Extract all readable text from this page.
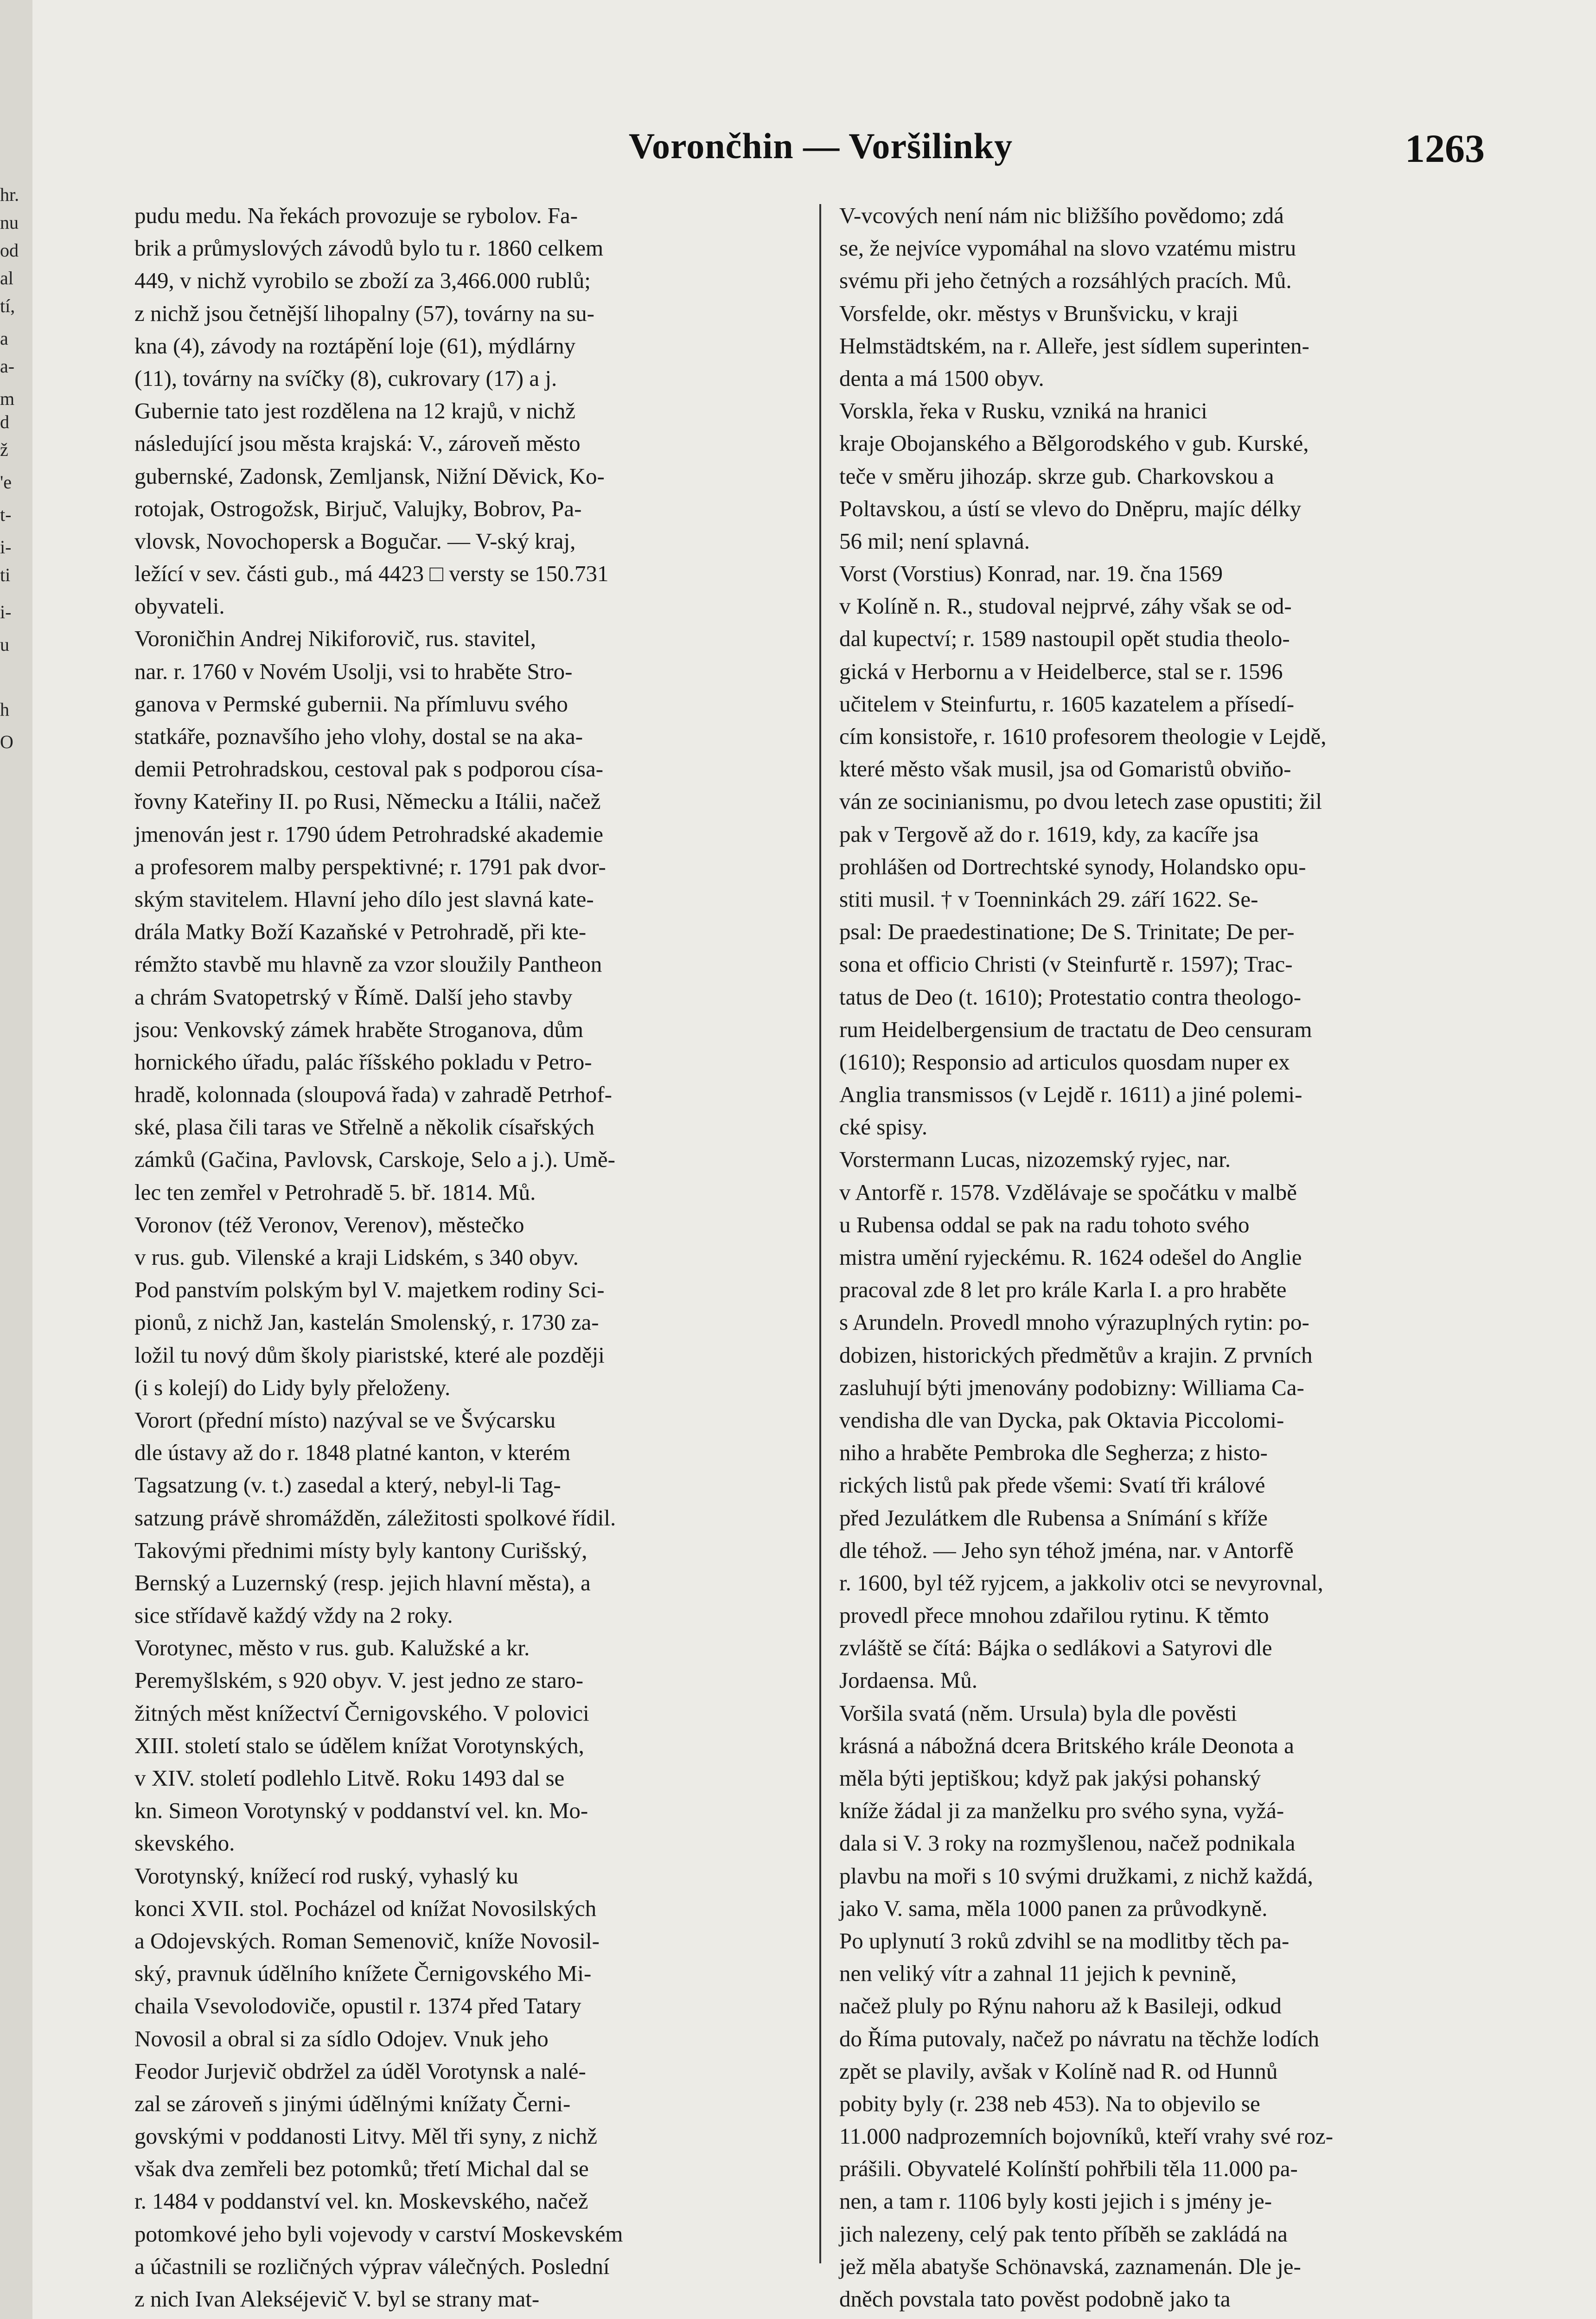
hr.
nu
od
al
tí,
a
a-
m
d
ž
'e
t-
i-
ti
i-
u
h
O
Vorončhin — Voršilinky	1263
pudu medu. Na řekách provozuje se rybolov. Fa-
brik a průmyslových závodů bylo tu r. 1860 celkem
449, v nichž vyrobilo se zboží za 3,466.000 rublů;
z nichž jsou četnější lihopalny (57), továrny na su-
kna (4), závody na roztápění loje (61), mýdlárny
(11), továrny na svíčky (8), cukrovary (17) a j.
Gubernie tato jest rozdělena na 12 krajů, v nichž
následující jsou města krajská: V., zároveň město
gubernské, Zadonsk, Zemljansk, Nižní Děvick, Ko-
rotojak, Ostrogožsk, Birjuč, Valujky, Bobrov, Pa-
vlovsk, Novochopersk a Bogučar. — V-ský kraj,
ležící v sev. části gub., má 4423 □ versty se 150.731
obyvateli.
Voroničhin Andrej Nikiforovič, rus. stavitel,
nar. r. 1760 v Novém Usolji, vsi to hraběte Stro-
ganova v Permské gubernii. Na přímluvu svého
statkáře, poznavšího jeho vlohy, dostal se na aka-
demii Petrohradskou, cestoval pak s podporou císa-
řovny Kateřiny II. po Rusi, Německu a Itálii, načež
jmenován jest r. 1790 údem Petrohradské akademie
a profesorem malby perspektivné; r. 1791 pak dvor-
ským stavitelem. Hlavní jeho dílo jest slavná kate-
drála Matky Boží Kazaňské v Petrohradě, při kte-
rémžto stavbě mu hlavně za vzor sloužily Pantheon
a chrám Svatopetrský v Římě. Další jeho stavby
jsou: Venkovský zámek hraběte Stroganova, dům
hornického úřadu, palác říšského pokladu v Petro-
hradě, kolonnada (sloupová řada) v zahradě Petrhof-
ské, plasa čili taras ve Střelně a několik císařských
zámků (Gačina, Pavlovsk, Carskoje, Selo a j.). Umě-
lec ten zemřel v Petrohradě 5. bř. 1814. Mů.
Voronov (též Veronov, Verenov), městečko
v rus. gub. Vilenské a kraji Lidském, s 340 obyv.
Pod panstvím polským byl V. majetkem rodiny Sci-
pionů, z nichž Jan, kastelán Smolenský, r. 1730 za-
ložil tu nový dům školy piaristské, které ale později
(i s kolejí) do Lidy byly přeloženy.
Vorort (přední místo) nazýval se ve Švýcarsku
dle ústavy až do r. 1848 platné kanton, v kterém
Tagsatzung (v. t.) zasedal a který, nebyl-li Tag-
satzung právě shromážděn, záležitosti spolkové řídil.
Takovými přednimi místy byly kantony Curišský,
Bernský a Luzernský (resp. jejich hlavní města), a
sice střídavě každý vždy na 2 roky.
Vorotynec, město v rus. gub. Kalužské a kr.
Peremyšlském, s 920 obyv. V. jest jedno ze staro-
žitných měst knížectví Černigovského. V polovici
XIII. století stalo se údělem knížat Vorotynských,
v XIV. století podlehlo Litvě. Roku 1493 dal se
kn. Simeon Vorotynský v poddanství vel. kn. Mo-
skevského.
Vorotynský, knížecí rod ruský, vyhaslý ku
konci XVII. stol. Pocházel od knížat Novosilských
a Odojevských. Roman Semenovič, kníže Novosil-
ský, pravnuk údělního knížete Černigovského Mi-
chaila Vsevolodoviče, opustil r. 1374 před Tatary
Novosil a obral si za sídlo Odojev. Vnuk jeho
Feodor Jurjevič obdržel za úděl Vorotynsk a nalé-
zal se zároveň s jinými údělnými knížaty Černi-
govskými v poddanosti Litvy. Měl tři syny, z nichž
však dva zemřeli bez potomků; třetí Michal dal se
r. 1484 v poddanství vel. kn. Moskevského, načež
potomkové jeho byli vojevody v carství Moskevském
a účastnili se rozličných výprav válečných. Poslední
z nich Ivan Alekséjevič V. byl se strany mat-
V-vcových není nám nic bližšího povědomo; zdá
se, že nejvíce vypomáhal na slovo vzatému mistru
svému při jeho četných a rozsáhlých pracích. Mů.
Vorsfelde, okr. městys v Brunšvicku, v kraji
Helmstädtském, na r. Alleře, jest sídlem superinten-
denta a má 1500 obyv.
Vorskla, řeka v Rusku, vzniká na hranici
kraje Obojanského a Bělgorodského v gub. Kurské,
teče v směru jihozáp. skrze gub. Charkovskou a
Poltavskou, a ústí se vlevo do Dněpru, majíc délky
56 mil; není splavná.
Vorst (Vorstius) Konrad, nar. 19. čna 1569
v Kolíně n. R., studoval nejprvé, záhy však se od-
dal kupectví; r. 1589 nastoupil opět studia theolo-
gická v Herbornu a v Heidelberce, stal se r. 1596
učitelem v Steinfurtu, r. 1605 kazatelem a přísedí-
cím konsistoře, r. 1610 profesorem theologie v Lejdě,
které město však musil, jsa od Gomaristů obviňo-
ván ze socinianismu, po dvou letech zase opustiti; žil
pak v Tergově až do r. 1619, kdy, za kacíře jsa
prohlášen od Dortrechtské synody, Holandsko opu-
stiti musil. † v Toenninkách 29. září 1622. Se-
psal: De praedestinatione; De S. Trinitate; De per-
sona et officio Christi (v Steinfurtě r. 1597); Trac-
tatus de Deo (t. 1610); Protestatio contra theologo-
rum Heidelbergensium de tractatu de Deo censuram
(1610); Responsio ad articulos quosdam nuper ex
Anglia transmissos (v Lejdě r. 1611) a jiné polemi-
cké spisy.
Vorstermann Lucas, nizozemský ryjec, nar.
v Antorfě r. 1578. Vzdělávaje se spočátku v malbě
u Rubensa oddal se pak na radu tohoto svého
mistra umění ryjeckému. R. 1624 odešel do Anglie
pracoval zde 8 let pro krále Karla I. a pro hraběte
s Arundeln. Provedl mnoho výrazuplných rytin: po-
dobizen, historických předmětův a krajin. Z prvních
zasluhují býti jmenovány podobizny: Williama Ca-
vendisha dle van Dycka, pak Oktavia Piccolomi-
niho a hraběte Pembroka dle Segherza; z histo-
rických listů pak přede všemi: Svatí tři králové
před Jezulátkem dle Rubensa a Snímání s kříže
dle téhož. — Jeho syn téhož jména, nar. v Antorfě
r. 1600, byl též ryjcem, a jakkoliv otci se nevyrovnal,
provedl přece mnohou zdařilou rytinu. K těmto
zvláště se čítá: Bájka o sedlákovi a Satyrovi dle
Jordaensa. Mů.
Voršila svatá (něm. Ursula) byla dle pověsti
krásná a nábožná dcera Britského krále Deonota a
měla býti jeptiškou; když pak jakýsi pohanský
kníže žádal ji za manželku pro svého syna, vyžá-
dala si V. 3 roky na rozmyšlenou, načež podnikala
plavbu na moři s 10 svými družkami, z nichž každá,
jako V. sama, měla 1000 panen za průvodkyně.
Po uplynutí 3 roků zdvihl se na modlitby těch pa-
nen veliký vítr a zahnal 11 jejich k pevnině,
načež pluly po Rýnu nahoru až k Basileji, odkud
do Říma putovaly, načež po návratu na těchže lodích
zpět se plavily, avšak v Kolíně nad R. od Hunnů
pobity byly (r. 238 neb 453). Na to objevilo se
11.000 nadprozemních bojovníků, kteří vrahy své roz-
prášili. Obyvatelé Kolínští pohřbili těla 11.000 pa-
nen, a tam r. 1106 byly kosti jejich i s jmény je-
jich nalezeny, celý pak tento příběh se zakládá na
jež měla abatyše Schönavská, zaznamenán. Dle je-
dněch povstala tato pověst podobně jako ta
